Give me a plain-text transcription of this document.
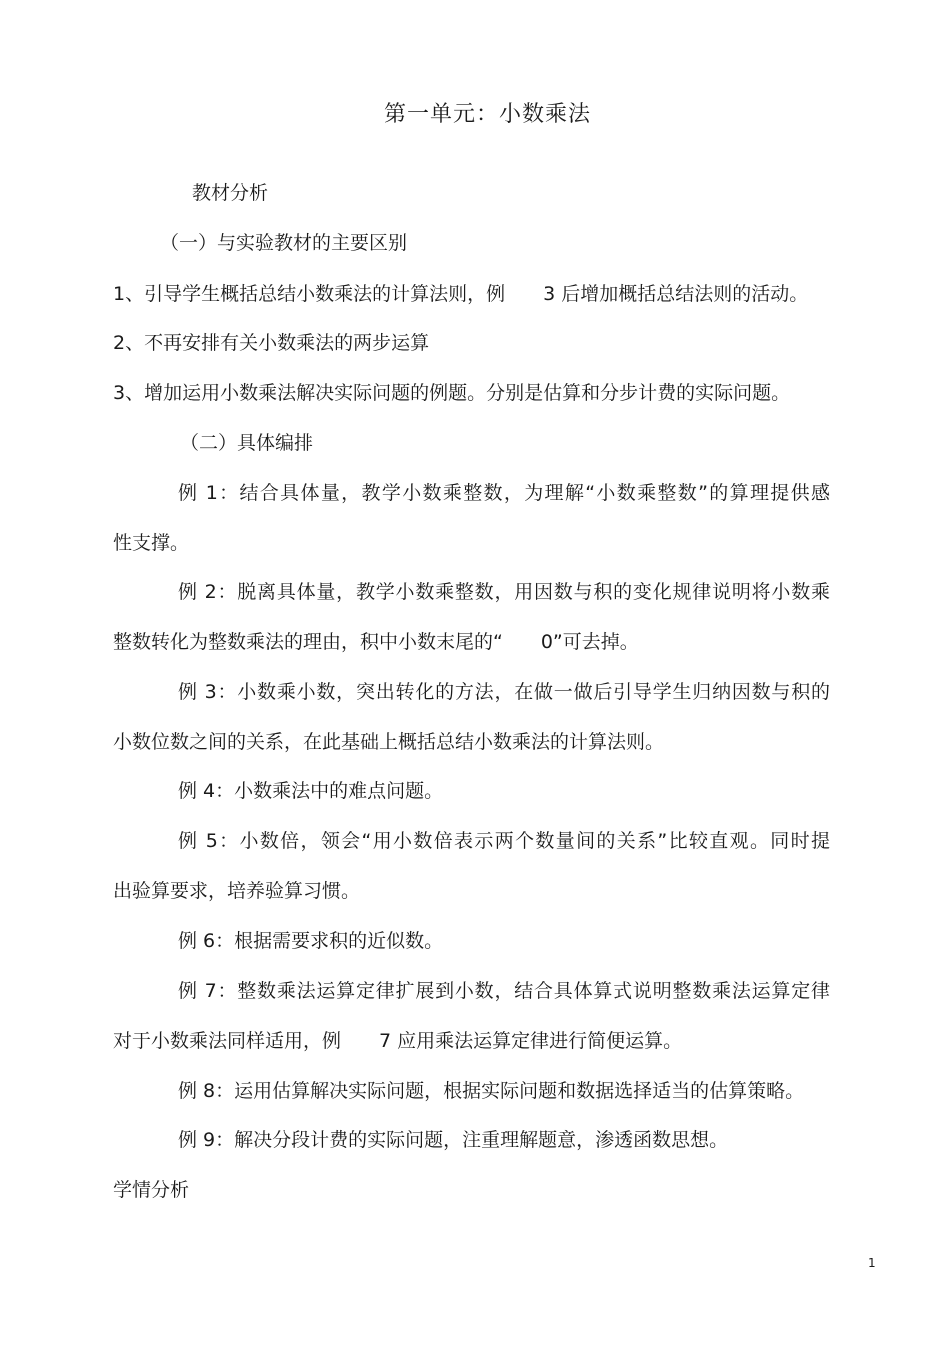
第一单元：小数乘法

教材分析

（一）与实验教材的主要区别

1、引导学生概括总结小数乘法的计算法则，例　　3 后增加概括总结法则的活动。

2、不再安排有关小数乘法的两步运算

3、增加运用小数乘法解决实际问题的例题。分别是估算和分步计费的实际问题。

（二）具体编排

例 1：结合具体量，教学小数乘整数，为理解“小数乘整数”的算理提供感

性支撑。

例 2：脱离具体量，教学小数乘整数，用因数与积的变化规律说明将小数乘

整数转化为整数乘法的理由，积中小数末尾的“　　0”可去掉。

例 3：小数乘小数，突出转化的方法，在做一做后引导学生归纳因数与积的

小数位数之间的关系，在此基础上概括总结小数乘法的计算法则。

例 4：小数乘法中的难点问题。

例 5：小数倍，领会“用小数倍表示两个数量间的关系”比较直观。同时提

出验算要求，培养验算习惯。

例 6：根据需要求积的近似数。

例 7：整数乘法运算定律扩展到小数，结合具体算式说明整数乘法运算定律

对于小数乘法同样适用，例　　7 应用乘法运算定律进行简便运算。

例 8：运用估算解决实际问题，根据实际问题和数据选择适当的估算策略。

例 9：解决分段计费的实际问题，注重理解题意，渗透函数思想。

学情分析

1
